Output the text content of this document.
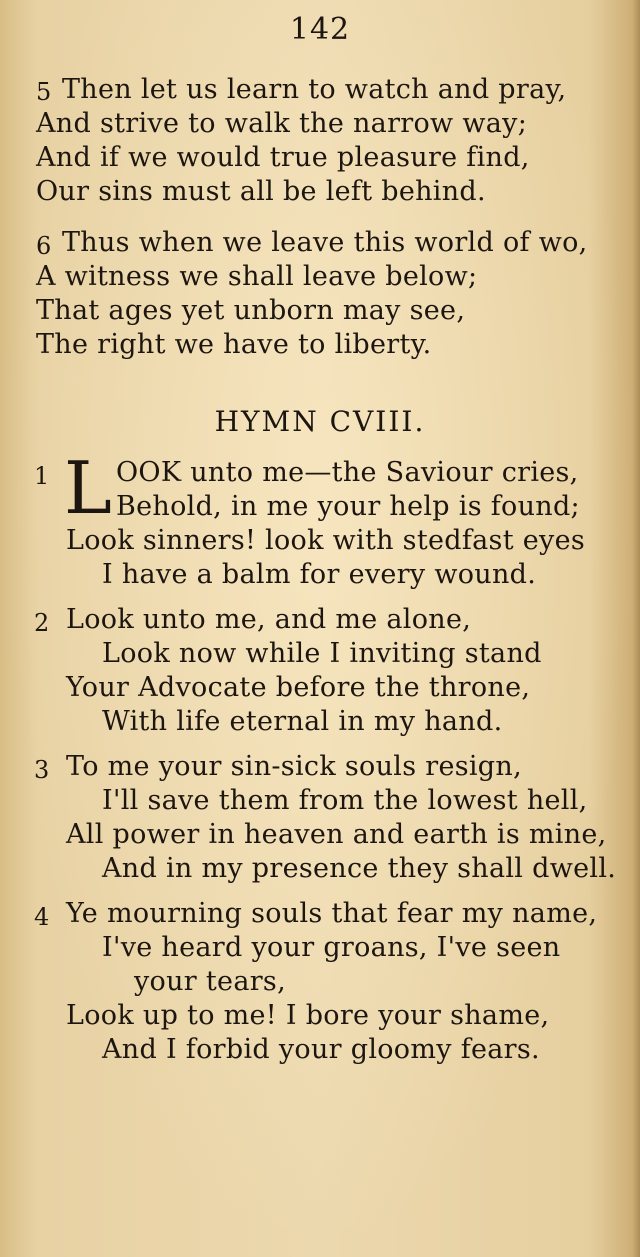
142
5 Then let us learn to watch and pray,
And strive to walk the narrow way;
And if we would true pleasure find,
Our sins must all be left behind.
6 Thus when we leave this world of wo,
A witness we shall leave below;
That ages yet unborn may see,
The right we have to liberty.
HYMN CVIII.
1 L OOK unto me—the Saviour cries,
Behold, in me your help is found;
Look sinners! look with stedfast eyes
I have a balm for every wound.
2 Look unto me, and me alone,
Look now while I inviting stand
Your Advocate before the throne,
With life eternal in my hand.
3 To me your sin-sick souls resign,
I'll save them from the lowest hell,
All power in heaven and earth is mine,
And in my presence they shall dwell.
4 Ye mourning souls that fear my name,
I've heard your groans, I've seen
your tears,
Look up to me! I bore your shame,
And I forbid your gloomy fears.
